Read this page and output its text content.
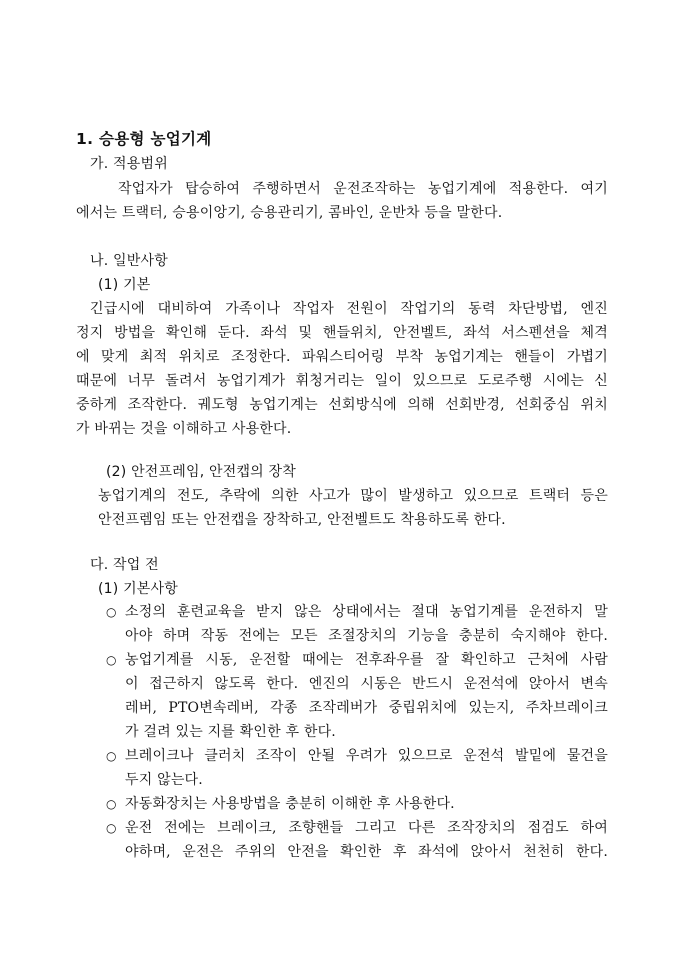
1. 승용형 농업기계
가. 적용범위
작업자가 탑승하여 주행하면서 운전조작하는 농업기계에 적용한다. 여기
에서는 트랙터, 승용이앙기, 승용관리기, 콤바인, 운반차 등을 말한다.
나. 일반사항
(1) 기본
긴급시에 대비하여 가족이나 작업자 전원이 작업기의 동력 차단방법, 엔진
정지 방법을 확인해 둔다. 좌석 및 핸들위치, 안전벨트, 좌석 서스펜션을 체격
에 맞게 최적 위치로 조정한다. 파워스티어링 부착 농업기계는 핸들이 가볍기
때문에 너무 돌려서 농업기계가 휘청거리는 일이 있으므로 도로주행 시에는 신
중하게 조작한다. 궤도형 농업기계는 선회방식에 의해 선회반경, 선회중심 위치
가 바뀌는 것을 이해하고 사용한다.
(2) 안전프레임, 안전캡의 장착
농업기계의 전도, 추락에 의한 사고가 많이 발생하고 있으므로 트랙터 등은
안전프렘임 또는 안전캡을 장착하고, 안전벨트도 착용하도록 한다.
다. 작업 전
(1) 기본사항
○ 소정의 훈련교육을 받지 않은 상태에서는 절대 농업기계를 운전하지 말
아야 하며 작동 전에는 모든 조절장치의 기능을 충분히 숙지해야 한다.
○ 농업기계를 시동, 운전할 때에는 전후좌우를 잘 확인하고 근처에 사람
이 접근하지 않도록 한다. 엔진의 시동은 반드시 운전석에 앉아서 변속
레버, PTO변속레버, 각종 조작레버가 중립위치에 있는지, 주차브레이크
가 걸려 있는 지를 확인한 후 한다.
○ 브레이크나 클러치 조작이 안될 우려가 있으므로 운전석 발밑에 물건을
두지 않는다.
○ 자동화장치는 사용방법을 충분히 이해한 후 사용한다.
○ 운전 전에는 브레이크, 조향핸들 그리고 다른 조작장치의 점검도 하여
야하며, 운전은 주위의 안전을 확인한 후 좌석에 앉아서 천천히 한다.
